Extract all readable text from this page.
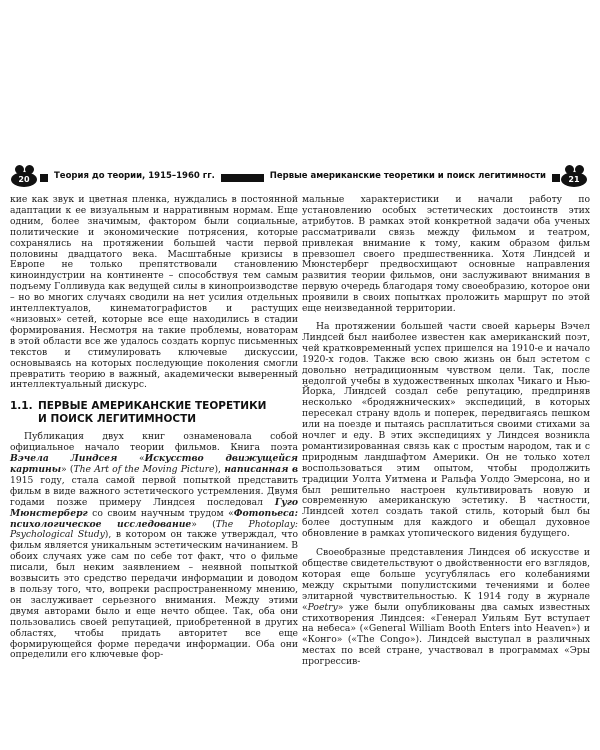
20	Теория до теории, 1915–1960 гг.

кие как звук и цветная пленка, нуждались в постоянной адаптации к ее визуальным и нарративным нормам. Еще одним, более значимым, фактором были социальные, политические и экономические потрясения, которые сохранялись на протяжении большей части первой половины двадцатого века. Масштабные кризисы в Европе не только препятствовали становлению киноиндустрии на континенте – способствуя тем самым подъему Голливуда как ведущей силы в кинопроизводстве – но во многих случаях сводили на нет усилия отдельных интеллектуалов, кинематографистов и растущих «низовых» сетей, которые все еще находились в стадии формирования. Несмотря на такие проблемы, новаторам в этой области все же удалось создать корпус письменных текстов и стимулировать ключевые дискуссии, основываясь на которых последующие поколения смогли превратить теорию в важный, академически выверенный интеллектуальный дискурс.

1.1. ПЕРВЫЕ АМЕРИКАНСКИЕ ТЕОРЕТИКИ
И ПОИСК ЛЕГИТИМНОСТИ

Публикация двух книг ознаменовала собой официальное начало теории фильмов. Книга поэта Вэчела Линдсея «Искусство движущейся картины» (The Art of the Moving Picture), написанная в 1915 году, стала самой первой попыткой представить фильм в виде важного эстетического устремления. Двумя годами позже примеру Линдсея последовал Гуго Мюнстерберг со своим научным трудом «Фотопьеса: психологическое исследование» (The Photoplay: Psychological Study), в котором он также утверждал, что фильм является уникальным эстетическим начинанием. В обоих случаях уже сам по себе тот факт, что о фильме писали, был неким заявлением – неявной попыткой возвысить это средство передачи информации и доводом в пользу того, что, вопреки распространенному мнению, он заслуживает серьезного внимания. Между этими двумя авторами было и еще нечто общее. Так, оба они пользовались своей репутацией, приобретенной в других областях, чтобы придать авторитет все еще формирующейся форме передачи информации. Оба они определили его ключевые фор-

Первые американские теоретики и поиск легитимности	21

мальные характеристики и начали работу по установлению особых эстетических достоинств этих атрибутов. В рамках этой конкретной задачи оба ученых рассматривали связь между фильмом и театром, привлекая внимание к тому, каким образом фильм превзошел своего предшественника. Хотя Линдсей и Мюнстерберг предвосхищают основные направления развития теории фильмов, они заслуживают внимания в первую очередь благодаря тому своеобразию, которое они проявили в своих попытках проложить маршрут по этой еще неизведанной территории.

На протяжении большей части своей карьеры Вэчел Линдсей был наиболее известен как американский поэт, чей кратковременный успех пришелся на 1910-е и начало 1920-х годов. Также всю свою жизнь он был эстетом с довольно нетрадиционным чувством цели. Так, после недолгой учебы в художественных школах Чикаго и Нью-Йорка, Линдсей создал себе репутацию, предприняв несколько «бродяжнических» экспедиций, в которых пересекал страну вдоль и поперек, передвигаясь пешком или на поезде и пытаясь расплатиться своими стихами за ночлег и еду. В этих экспедициях у Линдсея возникла романтизированная связь как с простым народом, так и с природным ландшафтом Америки. Он не только хотел воспользоваться этим опытом, чтобы продолжить традиции Уолта Уитмена и Ральфа Уолдо Эмерсона, но и был решительно настроен культивировать новую и современную американскую эстетику. В частности, Линдсей хотел создать такой стиль, который был бы более доступным для каждого и обещал духовное обновление в рамках утопического видения будущего.

Своеобразные представления Линдсея об искусстве и обществе свидетельствуют о двойственности его взглядов, которая еще больше усугублялась его колебаниями между скрытыми популистскими течениями и более элитарной чувствительностью. К 1914 году в журнале «Poetry» уже были опубликованы два самых известных стихотворения Линдсея: «Генерал Уильям Бут вступает на небеса» («General William Booth Enters into Heaven») и «Конго» («The Congo»). Линдсей выступал в различных местах по всей стране, участвовал в программах «Эры прогрессив-
